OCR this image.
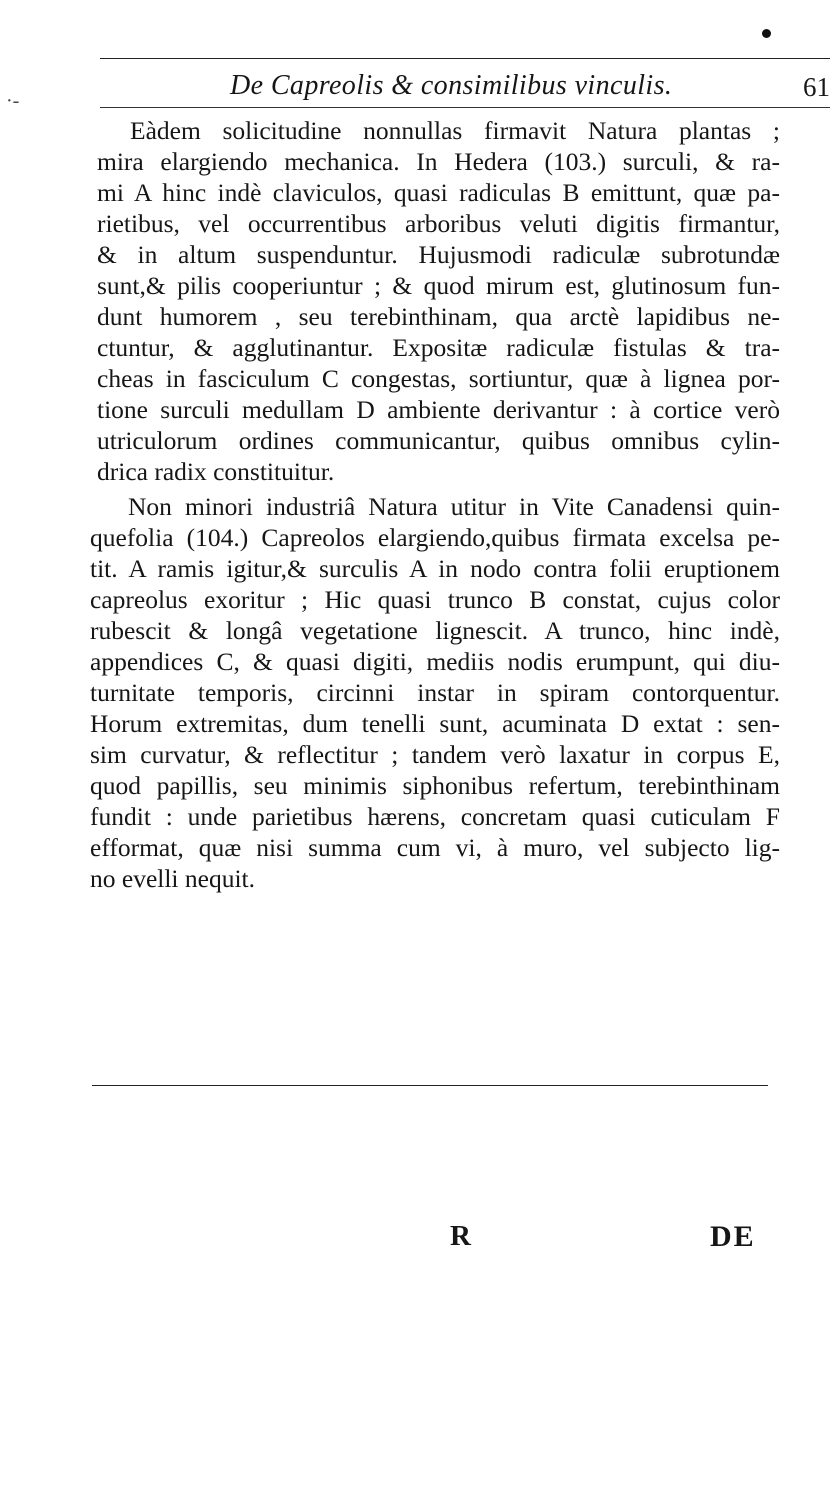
De Capreolis & consimilibus vinculis.	61
·-
Eàdem solicitudine nonnullas firmavit Natura plantas ;
mira elargiendo mechanica. In Hedera (103.) surculi, & ra-
mi A hinc indè claviculos, quasi radiculas B emittunt, quæ pa-
rietibus, vel occurrentibus arboribus veluti digitis firmantur,
& in altum suspenduntur. Hujusmodi radiculæ subrotundæ
sunt,& pilis cooperiuntur ; & quod mirum est, glutinosum fun-
dunt humorem , seu terebinthinam, qua arctè lapidibus ne-
ctuntur, & agglutinantur. Expositæ radiculæ fistulas & tra-
cheas in fasciculum C congestas, sortiuntur, quæ à lignea por-
tione surculi medullam D ambiente derivantur : à cortice verò
utriculorum ordines communicantur, quibus omnibus cylin-
drica radix constituitur.
Non minori industriâ Natura utitur in Vite Canadensi quin-
quefolia (104.) Capreolos elargiendo,quibus firmata excelsa pe-
tit. A ramis igitur,& surculis A in nodo contra folii eruptionem
capreolus exoritur ; Hic quasi trunco B constat, cujus color
rubescit & longâ vegetatione lignescit. A trunco, hinc indè,
appendices C, & quasi digiti, mediis nodis erumpunt, qui diu-
turnitate temporis, circinni instar in spiram contorquentur.
Horum extremitas, dum tenelli sunt, acuminata D extat : sen-
sim curvatur, & reflectitur ; tandem verò laxatur in corpus E,
quod papillis, seu minimis siphonibus refertum, terebinthinam
fundit : unde parietibus hærens, concretam quasi cuticulam F
efformat, quæ nisi summa cum vi, à muro, vel subjecto lig-
no evelli nequit.
R	DE
